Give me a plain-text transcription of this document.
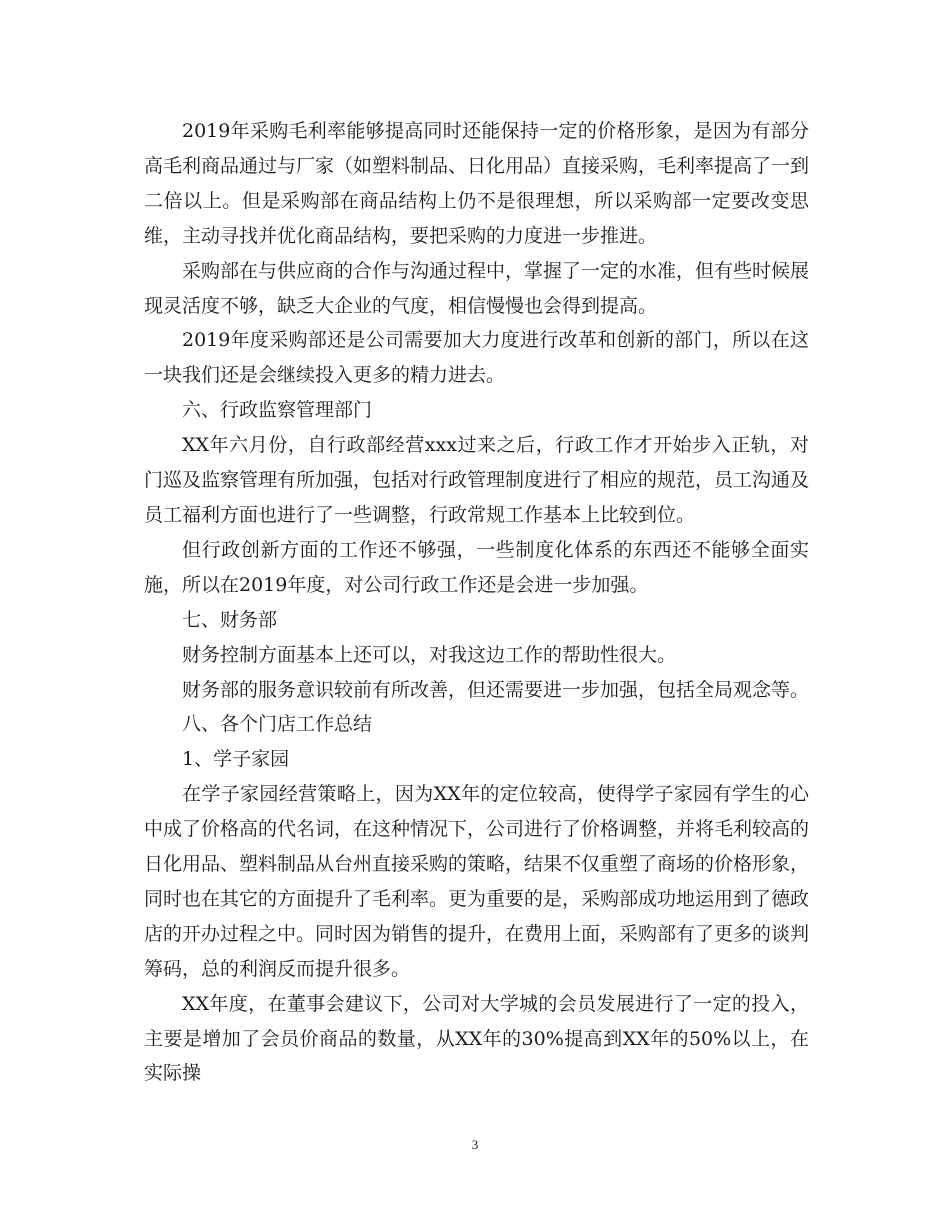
2019年采购毛利率能够提高同时还能保持一定的价格形象，是因为有部分高毛利商品通过与厂家（如塑料制品、日化用品）直接采购，毛利率提高了一到二倍以上。但是采购部在商品结构上仍不是很理想，所以采购部一定要改变思维，主动寻找并优化商品结构，要把采购的力度进一步推进。

采购部在与供应商的合作与沟通过程中，掌握了一定的水准，但有些时候展现灵活度不够，缺乏大企业的气度，相信慢慢也会得到提高。

2019年度采购部还是公司需要加大力度进行改革和创新的部门，所以在这一块我们还是会继续投入更多的精力进去。

六、行政监察管理部门

XX年六月份，自行政部经营xxx过来之后，行政工作才开始步入正轨，对门巡及监察管理有所加强，包括对行政管理制度进行了相应的规范，员工沟通及员工福利方面也进行了一些调整，行政常规工作基本上比较到位。

但行政创新方面的工作还不够强，一些制度化体系的东西还不能够全面实施，所以在2019年度，对公司行政工作还是会进一步加强。

七、财务部

财务控制方面基本上还可以，对我这边工作的帮助性很大。

财务部的服务意识较前有所改善，但还需要进一步加强，包括全局观念等。

八、各个门店工作总结

1、学子家园

在学子家园经营策略上，因为XX年的定位较高，使得学子家园有学生的心中成了价格高的代名词，在这种情况下，公司进行了价格调整，并将毛利较高的日化用品、塑料制品从台州直接采购的策略，结果不仅重塑了商场的价格形象，同时也在其它的方面提升了毛利率。更为重要的是，采购部成功地运用到了德政店的开办过程之中。同时因为销售的提升，在费用上面，采购部有了更多的谈判筹码，总的利润反而提升很多。

XX年度，在董事会建议下，公司对大学城的会员发展进行了一定的投入，主要是增加了会员价商品的数量，从XX年的30%提高到XX年的50%以上，在实际操

3
